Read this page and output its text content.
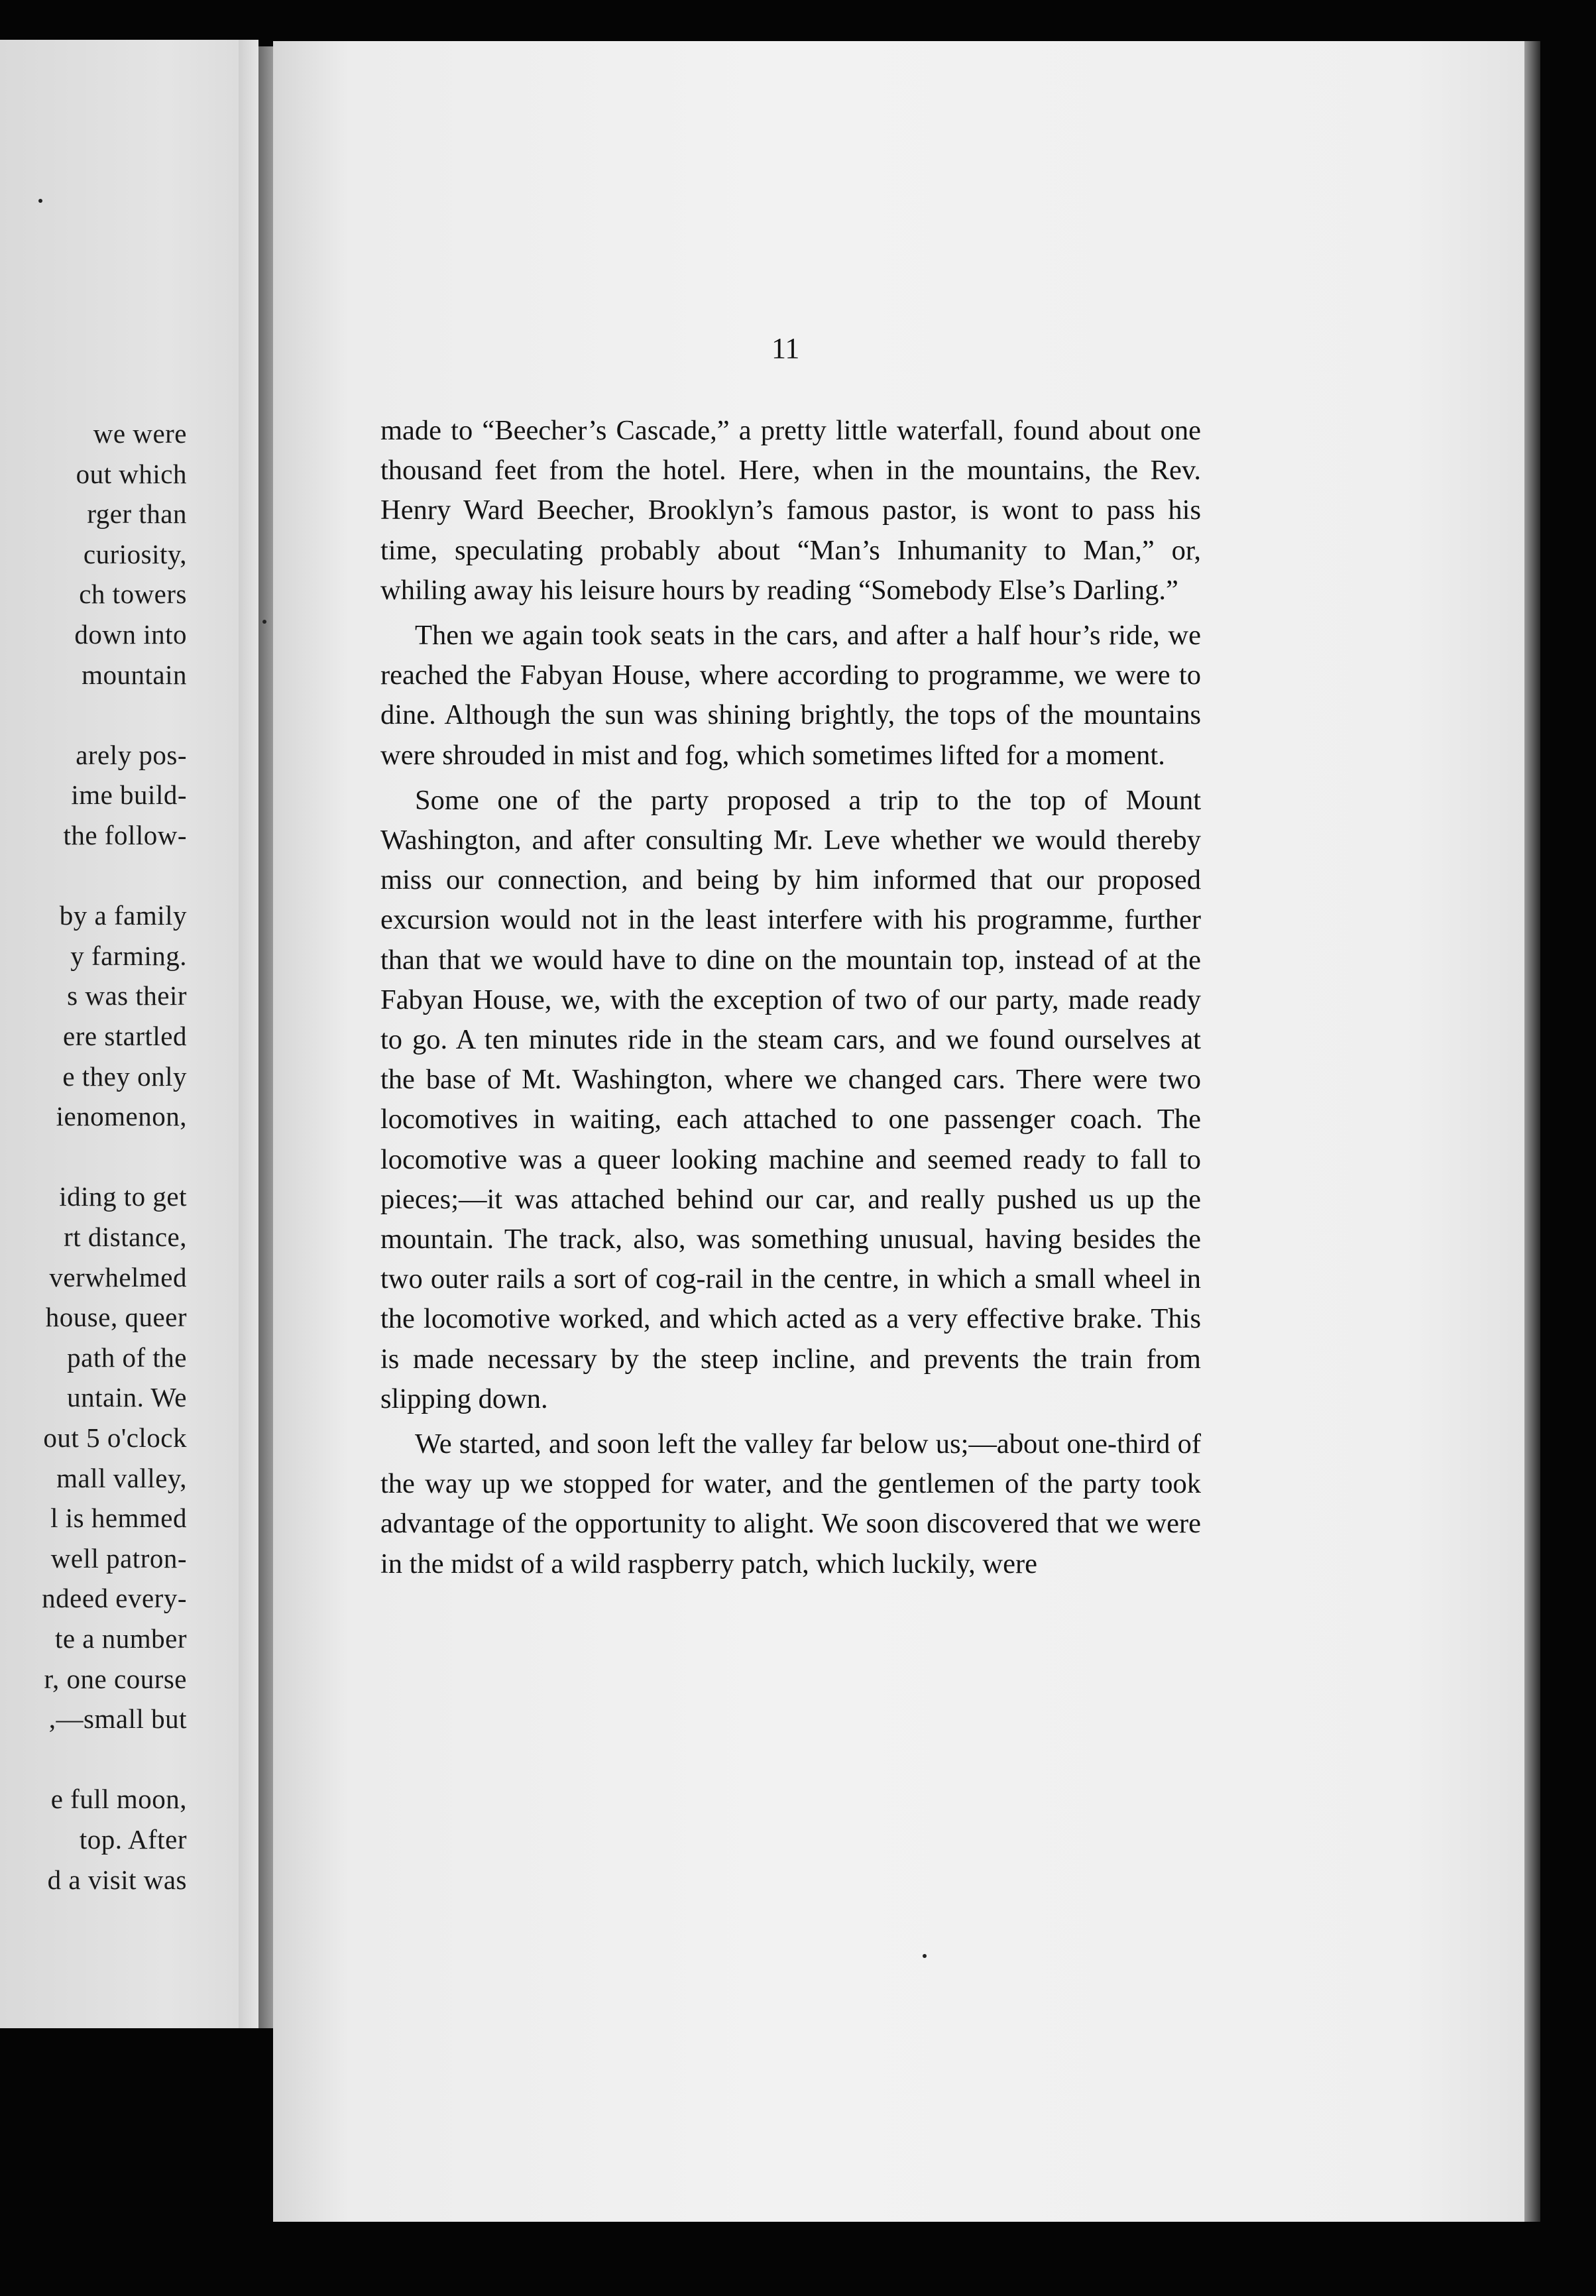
we were
out which
rger than
curiosity,
ch towers
down into
mountain
arely pos-
ime build-
the follow-
by a family
y farming.
s was their
ere startled
e they only
ienomenon,
iding to get
rt distance,
verwhelmed
house, queer
path of the
untain. We
out 5 o'clock
mall valley,
l is hemmed
well patron-
ndeed every-
te a number
r, one course
,—small but
e full moon,
top. After
d a visit was
11

made to “Beecher’s Cascade,” a pretty little waterfall, found about one thousand feet from the hotel. Here, when in the mountains, the Rev. Henry Ward Beecher, Brooklyn’s famous pastor, is wont to pass his time, speculating probably about “Man’s Inhumanity to Man,” or, whiling away his leisure hours by reading “Somebody Else’s Darling.”

Then we again took seats in the cars, and after a half hour’s ride, we reached the Fabyan House, where according to programme, we were to dine. Although the sun was shining brightly, the tops of the mountains were shrouded in mist and fog, which sometimes lifted for a moment.

Some one of the party proposed a trip to the top of Mount Washington, and after consulting Mr. Leve whether we would thereby miss our connection, and being by him informed that our proposed excursion would not in the least interfere with his programme, further than that we would have to dine on the mountain top, instead of at the Fabyan House, we, with the exception of two of our party, made ready to go. A ten minutes ride in the steam cars, and we found ourselves at the base of Mt. Washington, where we changed cars. There were two locomotives in waiting, each attached to one passenger coach. The locomotive was a queer looking machine and seemed ready to fall to pieces;—it was attached behind our car, and really pushed us up the mountain. The track, also, was something unusual, having besides the two outer rails a sort of cog-rail in the centre, in which a small wheel in the locomotive worked, and which acted as a very effective brake. This is made necessary by the steep incline, and prevents the train from slipping down.

We started, and soon left the valley far below us;—about one-third of the way up we stopped for water, and the gentlemen of the party took advantage of the opportunity to alight. We soon discovered that we were in the midst of a wild raspberry patch, which luckily, were
